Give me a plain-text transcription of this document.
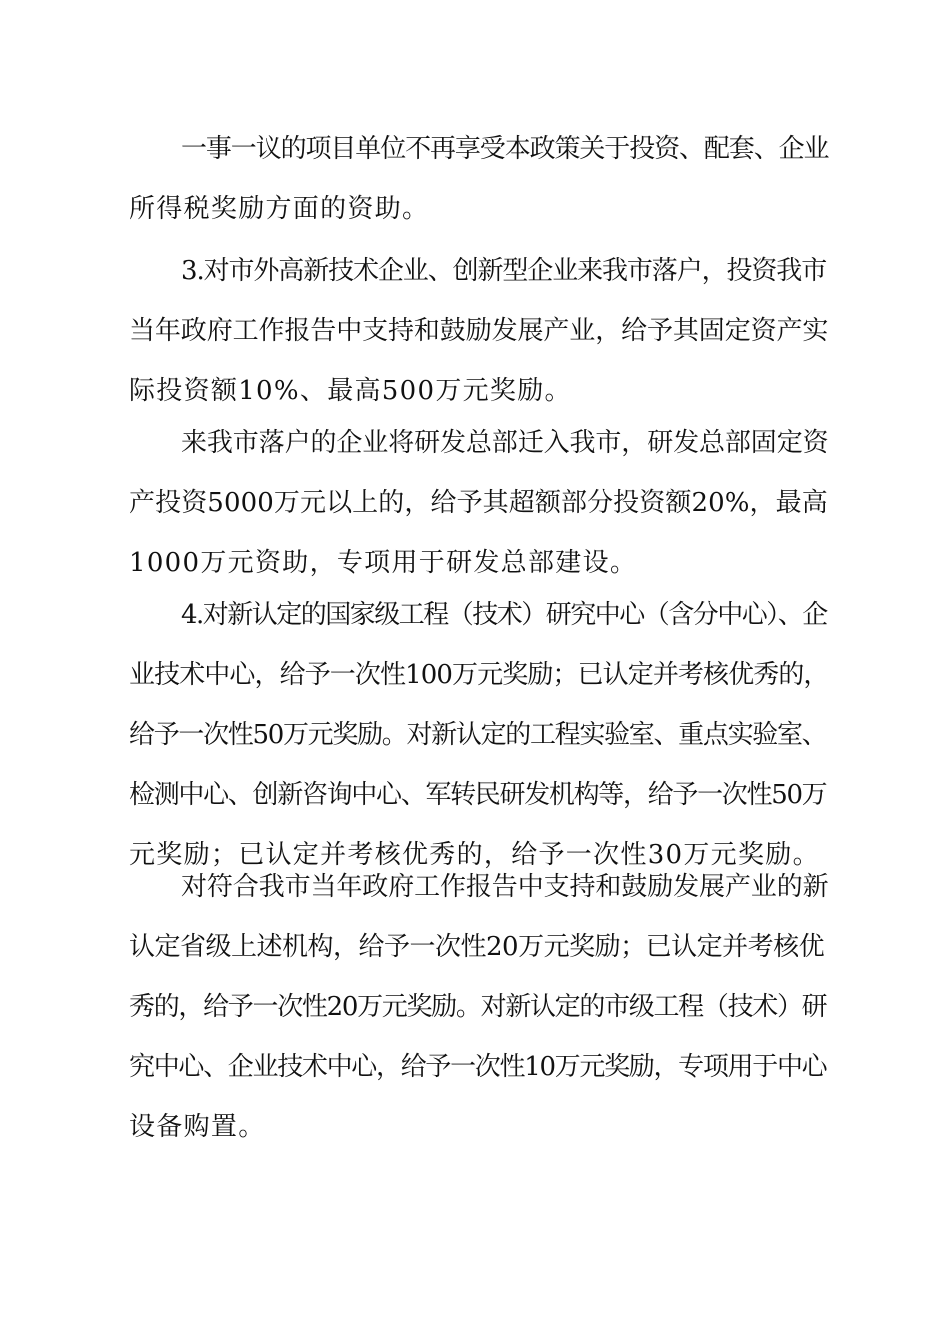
一事一议的项目单位不再享受本政策关于投资、配套、企业
所得税奖励方面的资助。
3.对市外高新技术企业、创新型企业来我市落户，投资我市
当年政府工作报告中支持和鼓励发展产业，给予其固定资产实
际投资额10%、最高500万元奖励。
来我市落户的企业将研发总部迁入我市，研发总部固定资
产投资5000万元以上的，给予其超额部分投资额20%，最高
1000万元资助，专项用于研发总部建设。
4.对新认定的国家级工程（技术）研究中心（含分中心）、企
业技术中心，给予一次性100万元奖励；已认定并考核优秀的，
给予一次性50万元奖励。对新认定的工程实验室、重点实验室、
检测中心、创新咨询中心、军转民研发机构等，给予一次性50万
元奖励；已认定并考核优秀的，给予一次性30万元奖励。
对符合我市当年政府工作报告中支持和鼓励发展产业的新
认定省级上述机构，给予一次性20万元奖励；已认定并考核优
秀的，给予一次性20万元奖励。对新认定的市级工程（技术）研
究中心、企业技术中心，给予一次性10万元奖励，专项用于中心
设备购置。
